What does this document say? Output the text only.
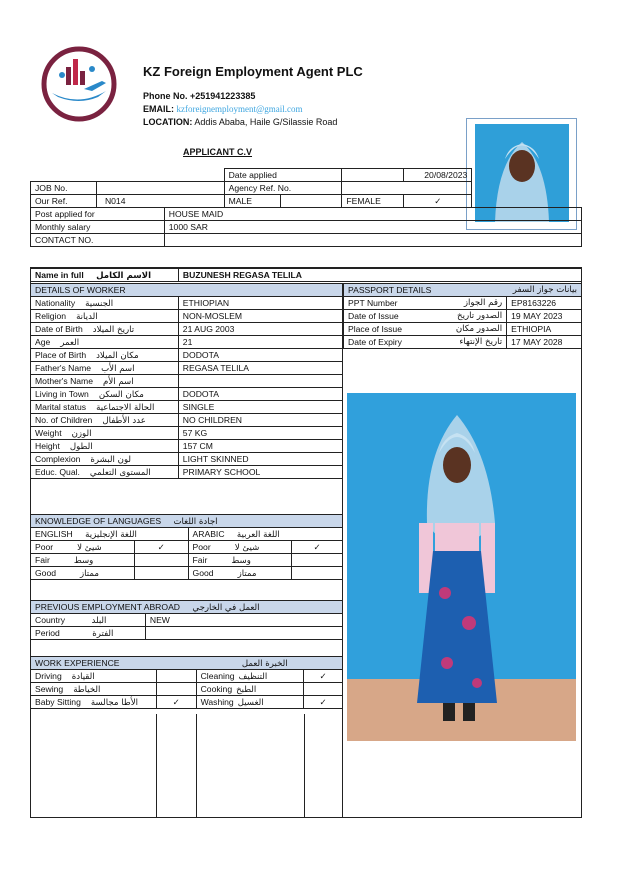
KZ Foreign Employment Agent PLC
Phone No. +251941223385
EMAIL: kzforeignemployment@gmail.com
LOCATION: Addis Ababa, Haile G/Silassie Road
APPLICANT C.V
			Date applied			20/08/2023	
JOB No.			Agency Ref. No.				
Our Ref.	N014		MALE		FEMALE	✓	
Post applied for		HOUSE MAID					
Monthly salary		1000 SAR					
CONTACT NO.							
Name in full الاسم الكامل	BUZUNESH REGASA TELILA
DETAILS OF WORKER	
Nationality الجنسية	ETHIOPIAN
Religion الديانة	NON-MOSLEM
Date of Birth تاريخ الميلاد	21 AUG 2003
Age العمر	21
Place of Birth مكان الميلاد	DODOTA
Father's Name اسم الأب	REGASA TELILA
Mother's Name اسم الأم	
Living in Town مكان السكن	DODOTA
Marital status الحالة الاجتماعية	SINGLE
No. of Children عدد الأطفال	NO CHILDREN
Weight الوزن	57 KG
Height الطول	157 CM
Complexion لون البشرة	LIGHT SKINNED
Educ. Qual. المستوى التعلمي	PRIMARY SCHOOL
PASSPORT DETAILS بيانات جواز السفر	

PPT Number رقم الجواز	EP8163226
Date of Issue الصدور تاريخ	19 MAY 2023
Place of Issue الصدور مكان	ETHIOPIA
Date of Expiry تاريخ الإنتهاء	17 MAY 2028
KNOWLEDGE OF LANGUAGES اجادة اللغات			
ENGLISH اللغة الإنجليزية		ARABIC اللغة العربية	
Poor شيئ لا	✓	Poor شيئ لا	✓
Fair وسط		Fair وسط	
Good ممتاز		Good ممتاز	
PREVIOUS EMPLOYMENT ABROAD العمل في الخارجي	
Country البلد	NEW
Period الفترة	
WORK EXPERIENCE الخبرة العمل			
Driving القيادة		Cleaning التنظيف	✓
Sewing الخياطة		Cooking الطبخ	
Baby Sitting الأطا مجالسة	✓	Washing الغسيل	✓
